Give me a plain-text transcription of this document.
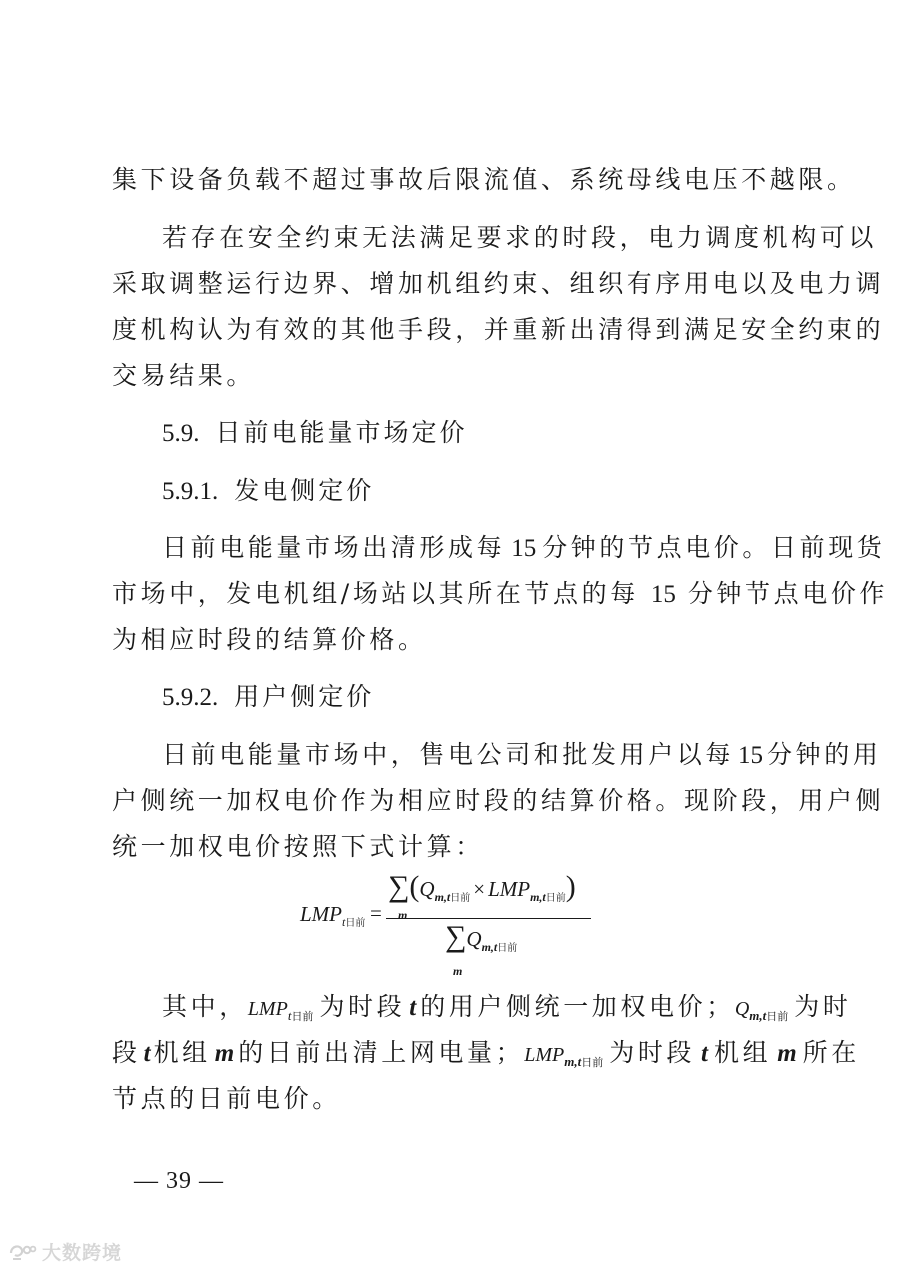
集下设备负载不超过事故后限流值、系统母线电压不越限。
若存在安全约束无法满足要求的时段，电力调度机构可以
采取调整运行边界、增加机组约束、组织有序用电以及电力调
度机构认为有效的其他手段，并重新出清得到满足安全约束的
交易结果。
5.9. 日前电能量市场定价
5.9.1. 发电侧定价
日前电能量市场出清形成每 15 分钟的节点电价。日前现货
市场中，发电机组/场站以其所在节点的每 15 分钟节点电价作
为相应时段的结算价格。
5.9.2. 用户侧定价
日前电能量市场中，售电公司和批发用户以每 15 分钟的用
户侧统一加权电价作为相应时段的结算价格。现阶段，用户侧
统一加权电价按照下式计算：
$LMP_{t日前}$ =
∑
m
$(Q_{m,t日前} \times LMP_{m,t日前})$
∑
m
$Q_{m,t日前}$
其中，$LMP_{t日前}$ 为时段 t 的用户侧统一加权电价；$Q_{m,t日前}$ 为时
段 t 机组 m 的日前出清上网电量；$LMP_{m,t日前}$ 为时段 t 机组 m 所在
节点的日前电价。
— 39 —
大数跨境
